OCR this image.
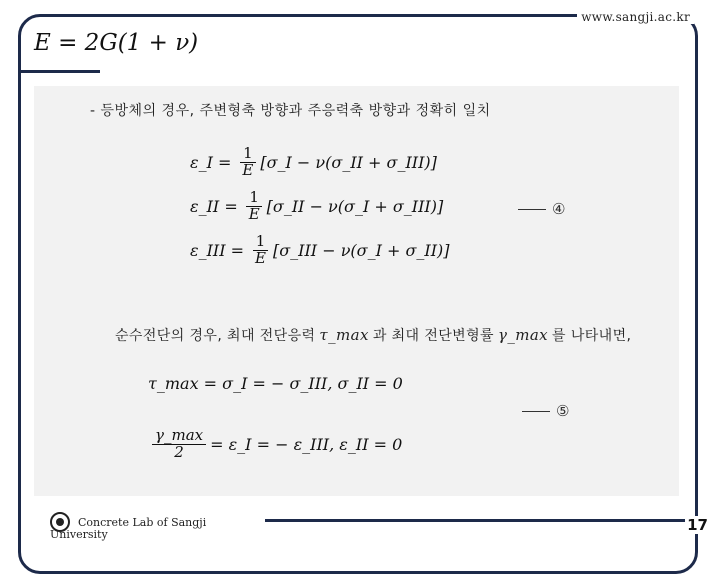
www.sangji.ac.kr
E = 2G(1 + ν)
- 등방체의 경우, 주변형축 방향과 주응력축 방향과 정확히 일치
ε_I = $\frac{1}{E}$ [σ_I − ν(σ_II + σ_III)]
ε_II = $\frac{1}{E}$ [σ_II − ν(σ_I + σ_III)]
ε_III = $\frac{1}{E}$ [σ_III − ν(σ_I + σ_II)]
④
순수전단의 경우, 최대 전단응력 τ_max 과 최대 전단변형률 γ_max 를 나타내면,
τ_max = σ_I = − σ_III, σ_II = 0
$\frac{\gamma\_\max}{2}$ = ε_I = − ε_III, ε_II = 0
⑤
Concrete Lab of Sangji
University
17
